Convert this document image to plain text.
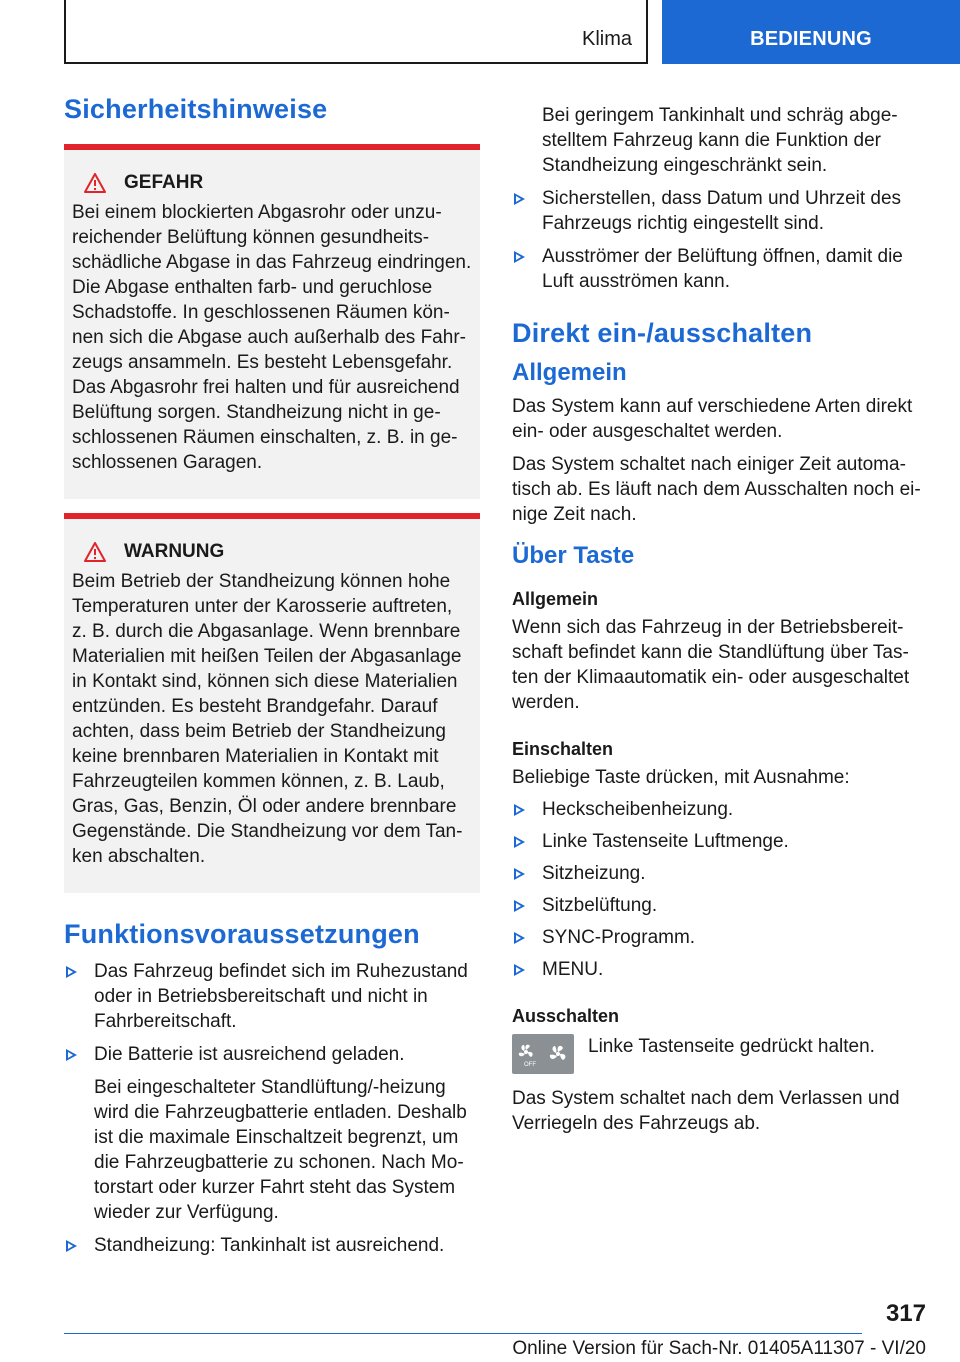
Klima	BEDIENUNG
Sicherheitshinweise
GEFAHR

Bei einem blockierten Abgasrohr oder unzu-reichender Belüftung können gesundheits-schädliche Abgase in das Fahrzeug eindringen. Die Abgase enthalten farb- und geruchlose Schadstoffe. In geschlossenen Räumen kön-nen sich die Abgase auch außerhalb des Fahr-zeugs ansammeln. Es besteht Lebensgefahr. Das Abgasrohr frei halten und für ausreichend Belüftung sorgen. Standheizung nicht in ge-schlossenen Räumen einschalten, z. B. in ge-schlossenen Garagen.

WARNUNG

Beim Betrieb der Standheizung können hohe Temperaturen unter der Karosserie auftreten, z. B. durch die Abgasanlage. Wenn brennbare Materialien mit heißen Teilen der Abgasanlage in Kontakt sind, können sich diese Materialien entzünden. Es besteht Brandgefahr. Darauf achten, dass beim Betrieb der Standheizung keine brennbaren Materialien in Kontakt mit Fahrzeugteilen kommen können, z. B. Laub, Gras, Gas, Benzin, Öl oder andere brennbare Gegenstände. Die Standheizung vor dem Tan-ken abschalten.

Funktionsvoraussetzungen
Das Fahrzeug befindet sich im Ruhezustand oder in Betriebsbereitschaft und nicht in Fahrbereitschaft.
Die Batterie ist ausreichend geladen.

Bei eingeschalteter Standlüftung/-heizung wird die Fahrzeugbatterie entladen. Deshalb ist die maximale Einschaltzeit begrenzt, um die Fahrzeugbatterie zu schonen. Nach Mo-torstart oder kurzer Fahrt steht das System wieder zur Verfügung.

Standheizung: Tankinhalt ist ausreichend.

Bei geringem Tankinhalt und schräg abge-stelltem Fahrzeug kann die Funktion der Standheizung eingeschränkt sein.

Sicherstellen, dass Datum und Uhrzeit des Fahrzeugs richtig eingestellt sind.
Ausströmer der Belüftung öffnen, damit die Luft ausströmen kann.
Direkt ein-/ausschalten
Allgemein

Das System kann auf verschiedene Arten direkt ein- oder ausgeschaltet werden.

Das System schaltet nach einiger Zeit automa-tisch ab. Es läuft nach dem Ausschalten noch ei-nige Zeit nach.

Über Taste
Allgemein

Wenn sich das Fahrzeug in der Betriebsbereit-schaft befindet kann die Standlüftung über Tas-ten der Klimaautomatik ein- oder ausgeschaltet werden.

Einschalten

Beliebige Taste drücken, mit Ausnahme:

Heckscheibenheizung.
Linke Tastenseite Luftmenge.
Sitzheizung.
Sitzbelüftung.
SYNC-Programm.
MENU.
Ausschalten
OFF

Linke Tastenseite gedrückt halten.

Das System schaltet nach dem Verlassen und Verriegeln des Fahrzeugs ab.

317
Online Version für Sach-Nr. 01405A11307 - VI/20
